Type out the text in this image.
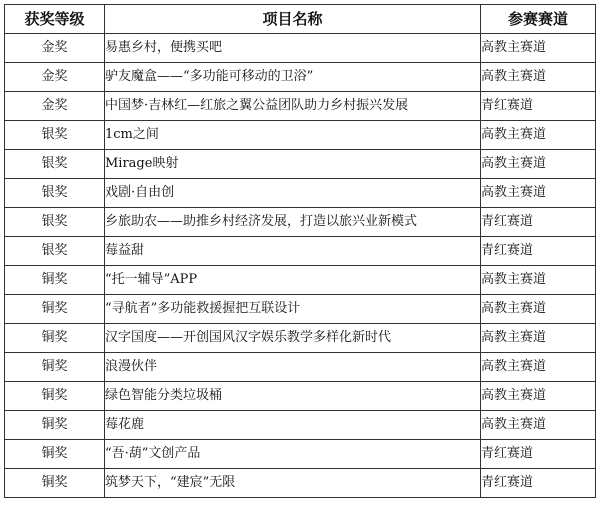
获奖等级	项目名称	参赛赛道
金奖	易惠乡村，便携买吧	高教主赛道
金奖	驴友魔盒——“多功能可移动的卫浴”	高教主赛道
金奖	中国梦·吉林红—红旅之翼公益团队助力乡村振兴发展	青红赛道
银奖	1cm之间	高教主赛道
银奖	Mirage映射	高教主赛道
银奖	戏剧·自由创	高教主赛道
银奖	乡旅助农——助推乡村经济发展，打造以旅兴业新模式	青红赛道
银奖	莓益甜	青红赛道
铜奖	“托一辅导”APP	高教主赛道
铜奖	“寻航者”多功能救援握把互联设计	高教主赛道
铜奖	汉字国度——开创国风汉字娱乐教学多样化新时代	高教主赛道
铜奖	浪漫伙伴	高教主赛道
铜奖	绿色智能分类垃圾桶	高教主赛道
铜奖	莓花鹿	高教主赛道
铜奖	“吾·葫”文创产品	青红赛道
铜奖	筑梦天下，“建宸”无限	青红赛道
